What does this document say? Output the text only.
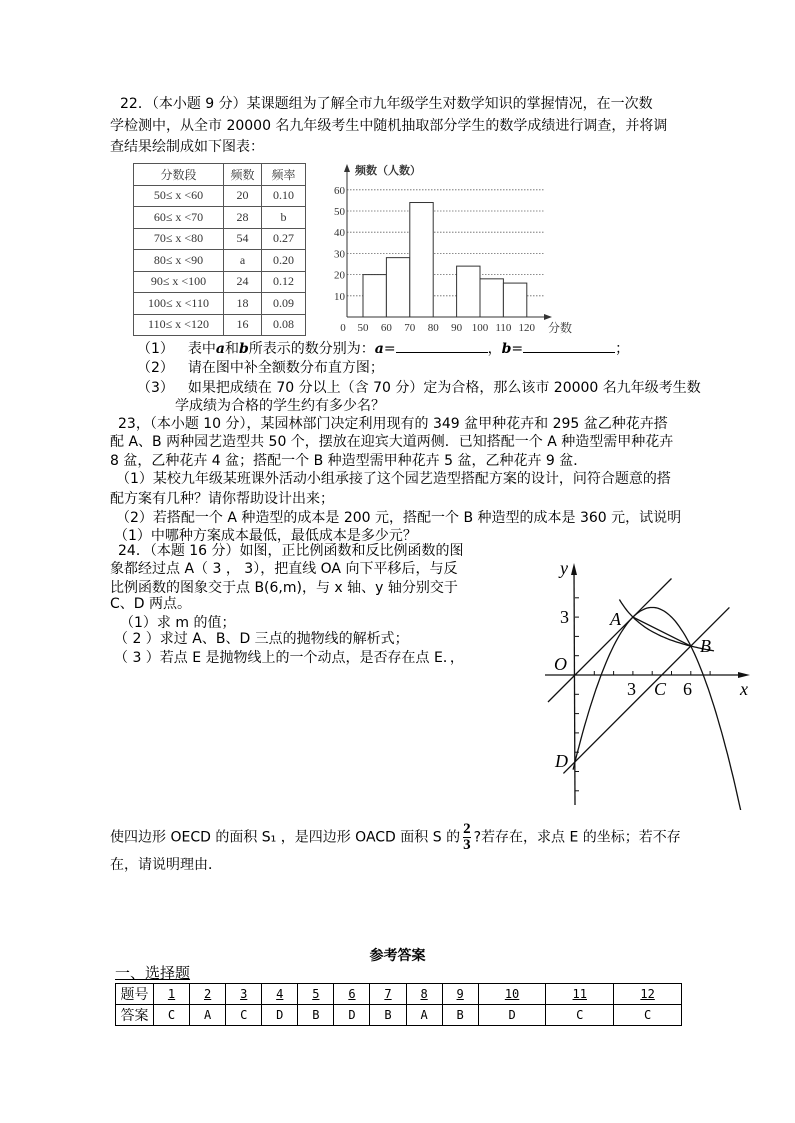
22．（本小题 9 分）某课题组为了解全市九年级学生对数学知识的掌握情况，在一次数
学检测中，从全市 20000 名九年级考生中随机抽取部分学生的数学成绩进行调查，并将调
查结果绘制成如下图表：
分数段	频数	频率
50≤ x <60	20	0.10
60≤ x <70	28	b
70≤ x <80	54	0.27
80≤ x <90	a	0.20
90≤ x <100	24	0.12
100≤ x <110	18	0.09
110≤ x <120	16	0.08
10
20
30
40
50
60
频数（人数）
0 50 60 70 80 90 100 110 120 分数
（1） 表中a和b所表示的数分别为：a=	，b=	；
（2） 请在图中补全额数分布直方图；
（3） 如果把成绩在 70 分以上（含 70 分）定为合格，那么该市 20000 名九年级考生数
学成绩为合格的学生约有多少名？
23，（本小题 10 分），某园林部门决定利用现有的 349 盆甲种花卉和 295 盆乙种花卉搭
配 A、B 两种园艺造型共 50 个，摆放在迎宾大道两侧．已知搭配一个 A 种造型需甲种花卉
8 盆，乙种花卉 4 盆；搭配一个 B 种造型需甲种花卉 5 盆，乙种花卉 9 盆．
（1）某校九年级某班课外活动小组承接了这个园艺造型搭配方案的设计，问符合题意的搭
配方案有几种？请你帮助设计出来；
（2）若搭配一个 A 种造型的成本是 200 元，搭配一个 B 种造型的成本是 360 元，试说明
（1）中哪种方案成本最低，最低成本是多少元？
24．（本题 16 分）如图，正比例函数和反比例函数的图
象都经过点 A（ 3 ， 3），把直线 OA 向下平移后，与反
比例函数的图象交于点 B(6,m)，与 x 轴、y 轴分别交于
C、D 两点。
（1）求 m 的值；
（ 2 ）求过 A、B、D 三点的抛物线的解析式；
（ 3 ）若点 E 是抛物线上的一个动点，是否存在点 E．，
y
x
O
A
B
C
D
3
3	6
使四边形 OECD 的面积 S₁ ，是四边形 OACD 面积 S 的 $\frac{2}{3}$ ?若存在，求点 E 的坐标；若不存
在，请说明理由．
参考答案
一、选择题
题号	1	2	3	4	5	6	7	8	9	10	11	12
答案	C	A	C	D	B	D	B	A	B	D	C	C
